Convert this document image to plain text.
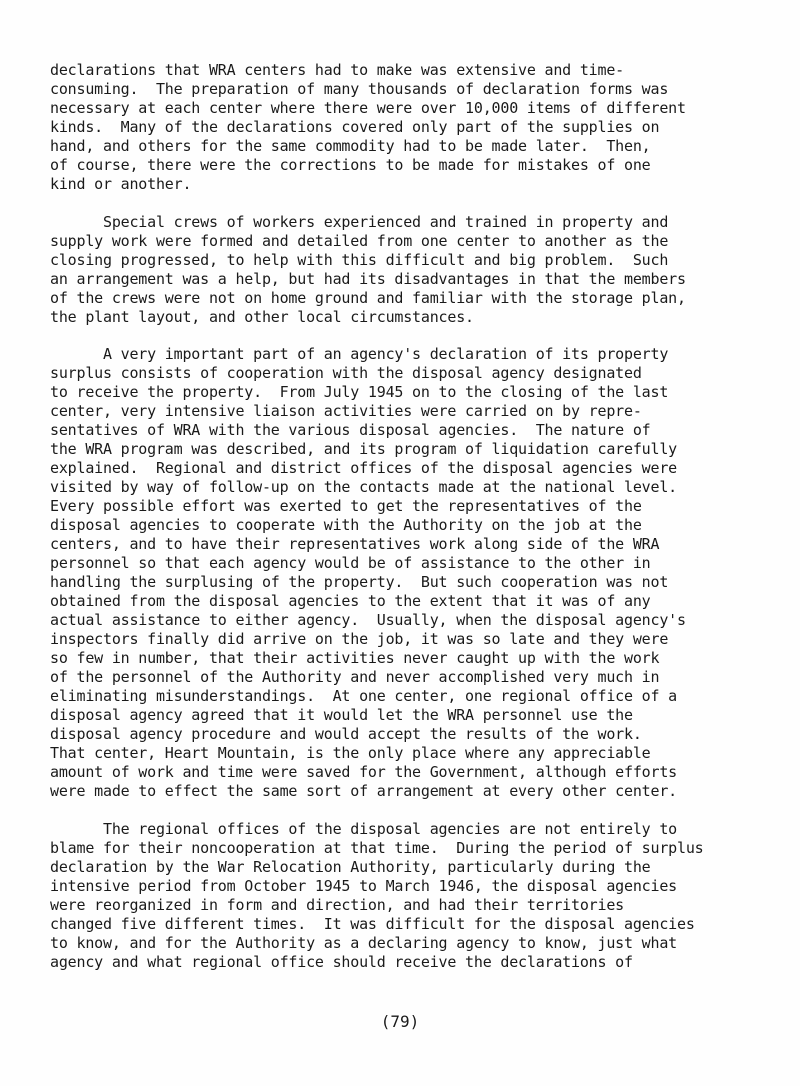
declarations that WRA centers had to make was extensive and time-
consuming.  The preparation of many thousands of declaration forms was
necessary at each center where there were over 10,000 items of different
kinds.  Many of the declarations covered only part of the supplies on
hand, and others for the same commodity had to be made later.  Then,
of course, there were the corrections to be made for mistakes of one
kind or another.

Special crews of workers experienced and trained in property and
supply work were formed and detailed from one center to another as the
closing progressed, to help with this difficult and big problem.  Such
an arrangement was a help, but had its disadvantages in that the members
of the crews were not on home ground and familiar with the storage plan,
the plant layout, and other local circumstances.

A very important part of an agency's declaration of its property
surplus consists of cooperation with the disposal agency designated
to receive the property.  From July 1945 on to the closing of the last
center, very intensive liaison activities were carried on by repre-
sentatives of WRA with the various disposal agencies.  The nature of
the WRA program was described, and its program of liquidation carefully
explained.  Regional and district offices of the disposal agencies were
visited by way of follow-up on the contacts made at the national level.
Every possible effort was exerted to get the representatives of the
disposal agencies to cooperate with the Authority on the job at the
centers, and to have their representatives work along side of the WRA
personnel so that each agency would be of assistance to the other in
handling the surplusing of the property.  But such cooperation was not
obtained from the disposal agencies to the extent that it was of any
actual assistance to either agency.  Usually, when the disposal agency's
inspectors finally did arrive on the job, it was so late and they were
so few in number, that their activities never caught up with the work
of the personnel of the Authority and never accomplished very much in
eliminating misunderstandings.  At one center, one regional office of a
disposal agency agreed that it would let the WRA personnel use the
disposal agency procedure and would accept the results of the work.
That center, Heart Mountain, is the only place where any appreciable
amount of work and time were saved for the Government, although efforts
were made to effect the same sort of arrangement at every other center.

The regional offices of the disposal agencies are not entirely to
blame for their noncooperation at that time.  During the period of surplus
declaration by the War Relocation Authority, particularly during the
intensive period from October 1945 to March 1946, the disposal agencies
were reorganized in form and direction, and had their territories
changed five different times.  It was difficult for the disposal agencies
to know, and for the Authority as a declaring agency to know, just what
agency and what regional office should receive the declarations of

(79)
